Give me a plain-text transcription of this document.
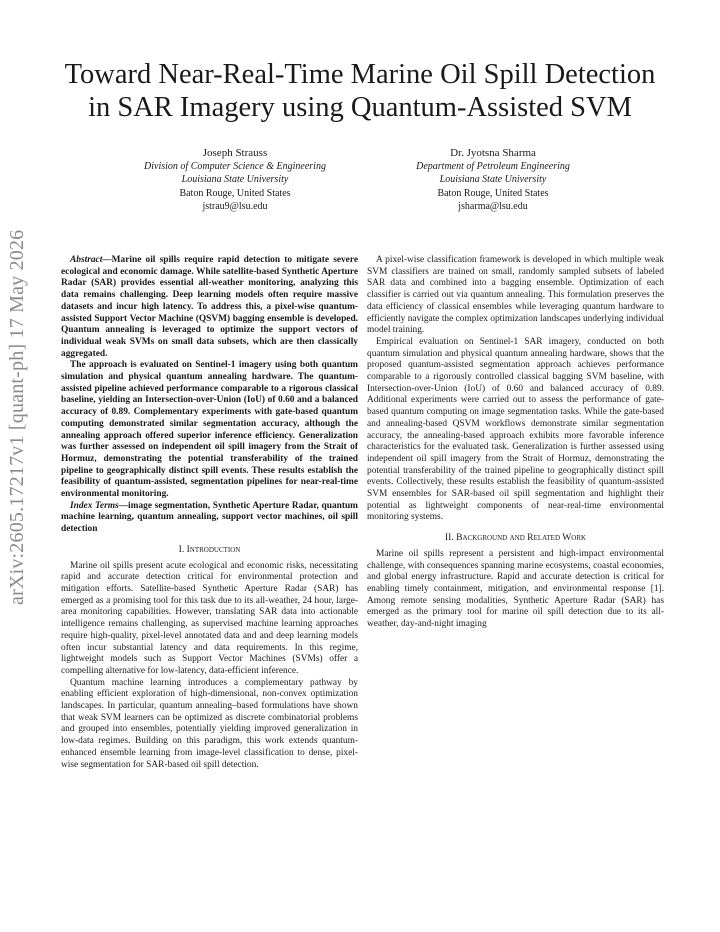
Toward Near-Real-Time Marine Oil Spill Detection
in SAR Imagery using Quantum-Assisted SVM
Joseph Strauss
Division of Computer Science & Engineering
Louisiana State University
Baton Rouge, United States
jstrau9@lsu.edu
Dr. Jyotsna Sharma
Department of Petroleum Engineering
Louisiana State University
Baton Rouge, United States
jsharma@lsu.edu
arXiv:2605.17217v1 [quant-ph] 17 May 2026	Abstract—Marine oil spills require rapid detection to mitigate severe ecological and economic damage. While satellite-based Synthetic Aperture Radar (SAR) provides essential all-weather monitoring, analyzing this data remains challenging. Deep learning models often require massive datasets and incur high latency. To address this, a pixel-wise quantum-assisted Support Vector Machine (QSVM) bagging ensemble is developed. Quantum annealing is leveraged to optimize the support vectors of individual weak SVMs on small data subsets, which are then classically aggregated.

The approach is evaluated on Sentinel-1 imagery using both quantum simulation and physical quantum annealing hardware. The quantum-assisted pipeline achieved performance comparable to a rigorous classical baseline, yielding an Intersection-over-Union (IoU) of 0.60 and a balanced accuracy of 0.89. Complementary experiments with gate-based quantum computing demonstrated similar segmentation accuracy, although the annealing approach offered superior inference efficiency. Generalization was further assessed on independent oil spill imagery from the Strait of Hormuz, demonstrating the potential transferability of the trained pipeline to geographically distinct spill events. These results establish the feasibility of quantum-assisted, segmentation pipelines for near-real-time environmental monitoring.

Index Terms—image segmentation, Synthetic Aperture Radar, quantum machine learning, quantum annealing, support vector machines, oil spill detection

I. Introduction

Marine oil spills present acute ecological and economic risks, necessitating rapid and accurate detection critical for environmental protection and mitigation efforts. Satellite-based Synthetic Aperture Radar (SAR) has emerged as a promising tool for this task due to its all-weather, 24 hour, large-area monitoring capabilities. However, translating SAR data into actionable intelligence remains challenging, as supervised machine learning approaches require high-quality, pixel-level annotated data and and deep learning models often incur substantial latency and data requirements. In this regime, lightweight models such as Support Vector Machines (SVMs) offer a compelling alternative for low-latency, data-efficient inference.

Quantum machine learning introduces a complementary pathway by enabling efficient exploration of high-dimensional, non-convex optimization landscapes. In particular, quantum annealing–based formulations have shown that weak SVM learners can be optimized as discrete combinatorial problems and grouped into ensembles, potentially yielding improved generalization in low-data regimes. Building on this paradigm, this work extends quantum-enhanced ensemble learning from image-level classification to dense, pixel-wise segmentation for SAR-based oil spill detection.

A pixel-wise classification framework is developed in which multiple weak SVM classifiers are trained on small, randomly sampled subsets of labeled SAR data and combined into a bagging ensemble. Optimization of each classifier is carried out via quantum annealing. This formulation preserves the data efficiency of classical ensembles while leveraging quantum hardware to efficiently navigate the complex optimization landscapes underlying individual model training.

Empirical evaluation on Sentinel-1 SAR imagery, conducted on both quantum simulation and physical quantum annealing hardware, shows that the proposed quantum-assisted segmentation approach achieves performance comparable to a rigorously controlled classical bagging SVM baseline, with Intersection-over-Union (IoU) of 0.60 and balanced accuracy of 0.89. Additional experiments were carried out to assess the performance of gate-based quantum computing on image segmentation tasks. While the gate-based and annealing-based QSVM workflows demonstrate similar segmentation accuracy, the annealing-based approach exhibits more favorable inference characteristics for the evaluated task. Generalization is further assessed using independent oil spill imagery from the Strait of Hormuz, demonstrating the potential transferability of the trained pipeline to geographically distinct spill events. Collectively, these results establish the feasibility of quantum-assisted SVM ensembles for SAR-based oil spill segmentation and highlight their potential as lightweight components of near-real-time environmental monitoring systems.

II. Background and Related Work

Marine oil spills represent a persistent and high-impact environmental challenge, with consequences spanning marine ecosystems, coastal economies, and global energy infrastructure. Rapid and accurate detection is critical for enabling timely containment, mitigation, and environmental response [1]. Among remote sensing modalities, Synthetic Aperture Radar (SAR) has emerged as the primary tool for marine oil spill detection due to its all-weather, day-and-night imaging
